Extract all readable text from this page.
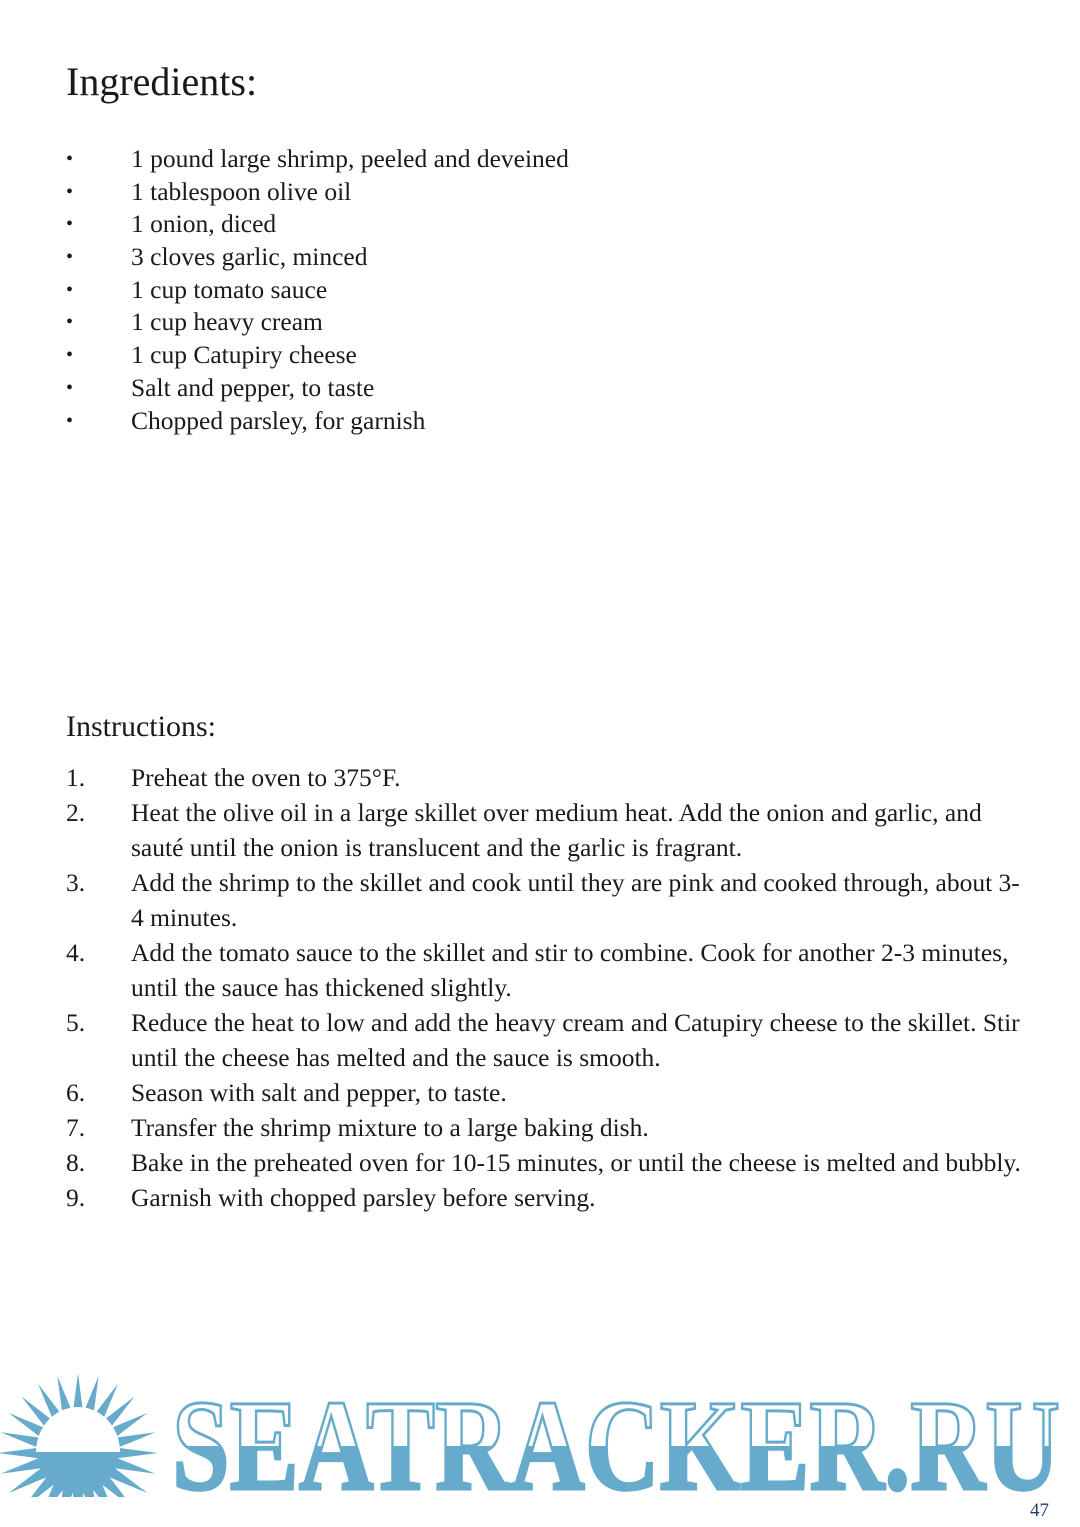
Ingredients:
• 1 pound large shrimp, peeled and deveined
• 1 tablespoon olive oil
• 1 onion, diced
• 3 cloves garlic, minced
• 1 cup tomato sauce
• 1 cup heavy cream
• 1 cup Catupiry cheese
• Salt and pepper, to taste
• Chopped parsley, for garnish
Instructions:
1. Preheat the oven to 375°F.
2. Heat the olive oil in a large skillet over medium heat. Add the onion and garlic, and sauté until the onion is translucent and the garlic is fragrant.
3. Add the shrimp to the skillet and cook until they are pink and cooked through, about 3-4 minutes.
4. Add the tomato sauce to the skillet and stir to combine. Cook for another 2-3 minutes, until the sauce has thickened slightly.
5. Reduce the heat to low and add the heavy cream and Catupiry cheese to the skillet. Stir until the cheese has melted and the sauce is smooth.
6. Season with salt and pepper, to taste.
7. Transfer the shrimp mixture to a large baking dish.
8. Bake in the preheated oven for 10-15 minutes, or until the cheese is melted and bubbly.
9. Garnish with chopped parsley before serving.
SEATRACKER.RU
47
